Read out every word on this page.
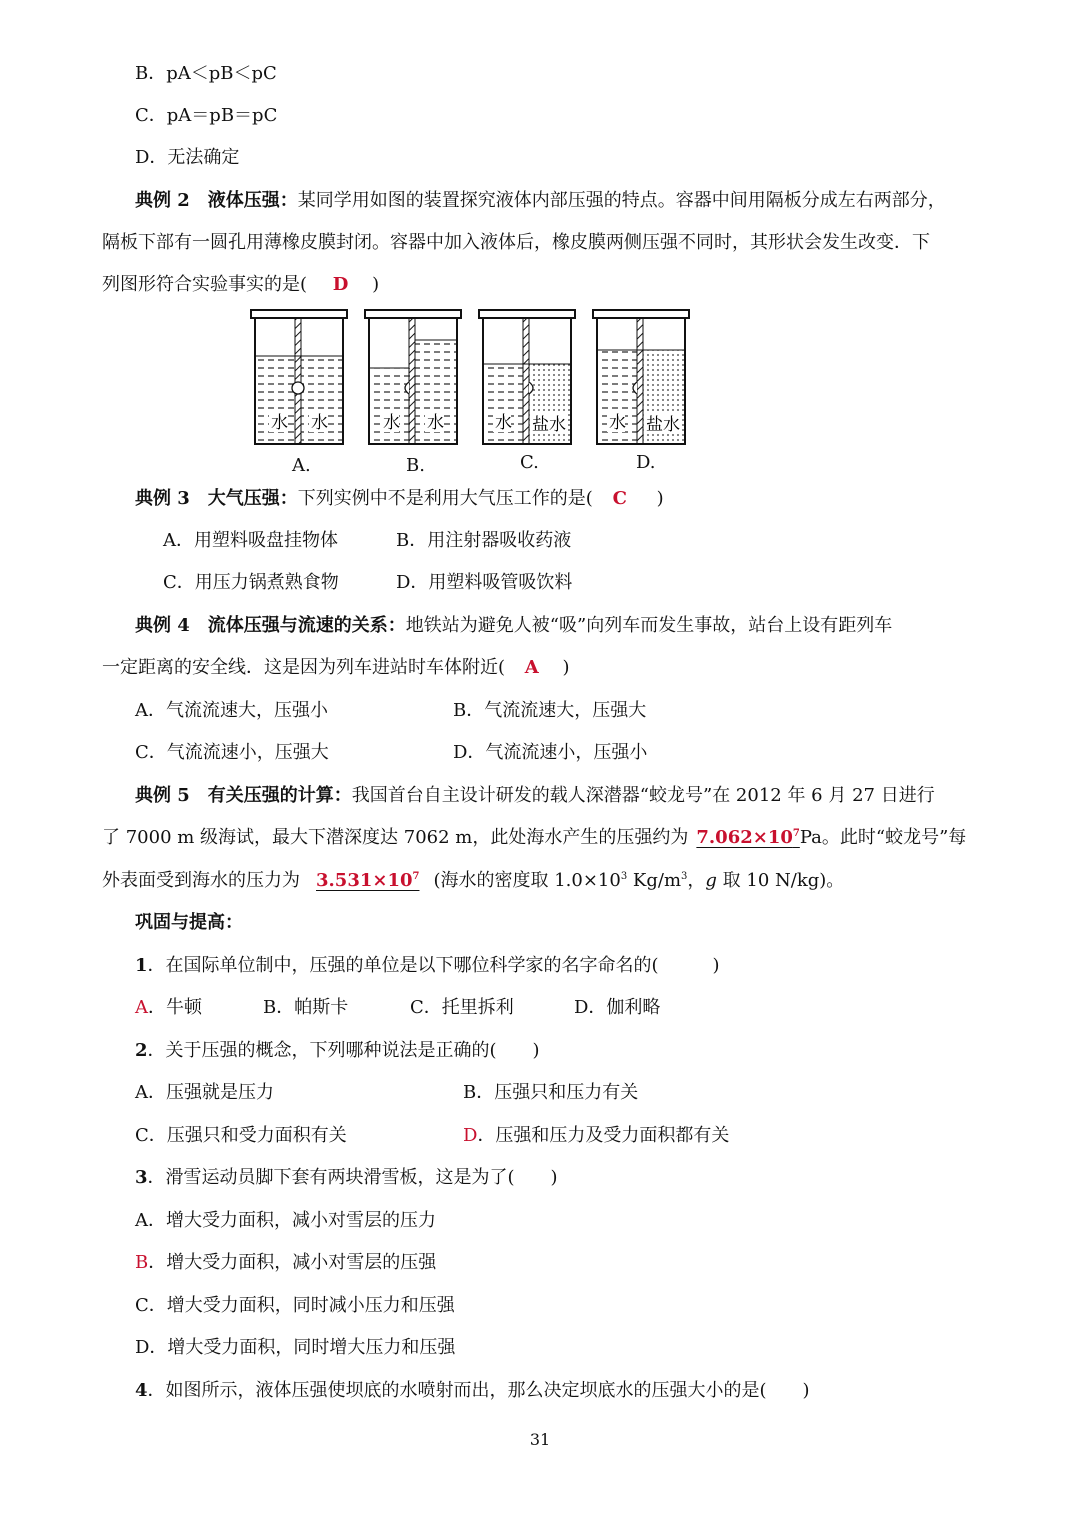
B．pA＜pB＜pC
C．pA＝pB＝pC
D．无法确定
典例 2　液体压强：某同学用如图的装置探究液体内部压强的特点。容器中间用隔板分成左右两部分，
隔板下部有一圆孔用薄橡皮膜封闭。容器中加入液体后，橡皮膜两侧压强不同时，其形状会发生改变．下
列图形符合实验事实的是( D )
水 水	水 水	水 盐水	水 盐水
A.	B.	C.	D.
典例 3　大气压强：下列实例中不是利用大气压工作的是( C )
A．用塑料吸盘挂物体	B．用注射器吸收药液
C．用压力锅煮熟食物	D．用塑料吸管吸饮料
典例 4　流体压强与流速的关系：地铁站为避免人被“吸”向列车而发生事故，站台上设有距列车
一定距离的安全线．这是因为列车进站时车体附近( A )
A．气流流速大，压强小	B．气流流速大，压强大
C．气流流速小，压强大	D．气流流速小，压强小
典例 5　有关压强的计算：我国首台自主设计研发的载人深潜器“蛟龙号”在 2012 年 6 月 27 日进行
了 7000 m 级海试，最大下潜深度达 7062 m，此处海水产生的压强约为 $7.062\times 10^7Pa$。此时“蛟龙号”每
外表面受到海水的压力为 $3.531\times 10^7$ (海水的密度取 $1.0\times 10^3$ $Kg/m^3$，g 取 10 N/kg)。
巩固与提高：
1．在国际单位制中，压强的单位是以下哪位科学家的名字命名的(　　　)
A．牛顿	B．帕斯卡	C．托里拆利	D．伽利略
2．关于压强的概念，下列哪种说法是正确的(　　)
A．压强就是压力	B．压强只和压力有关
C．压强只和受力面积有关	D．压强和压力及受力面积都有关
3．滑雪运动员脚下套有两块滑雪板，这是为了(　　)
A．增大受力面积，减小对雪层的压力
B．增大受力面积，减小对雪层的压强
C．增大受力面积，同时减小压力和压强
D．增大受力面积，同时增大压力和压强
4．如图所示，液体压强使坝底的水喷射而出，那么决定坝底水的压强大小的是(　　)
31
